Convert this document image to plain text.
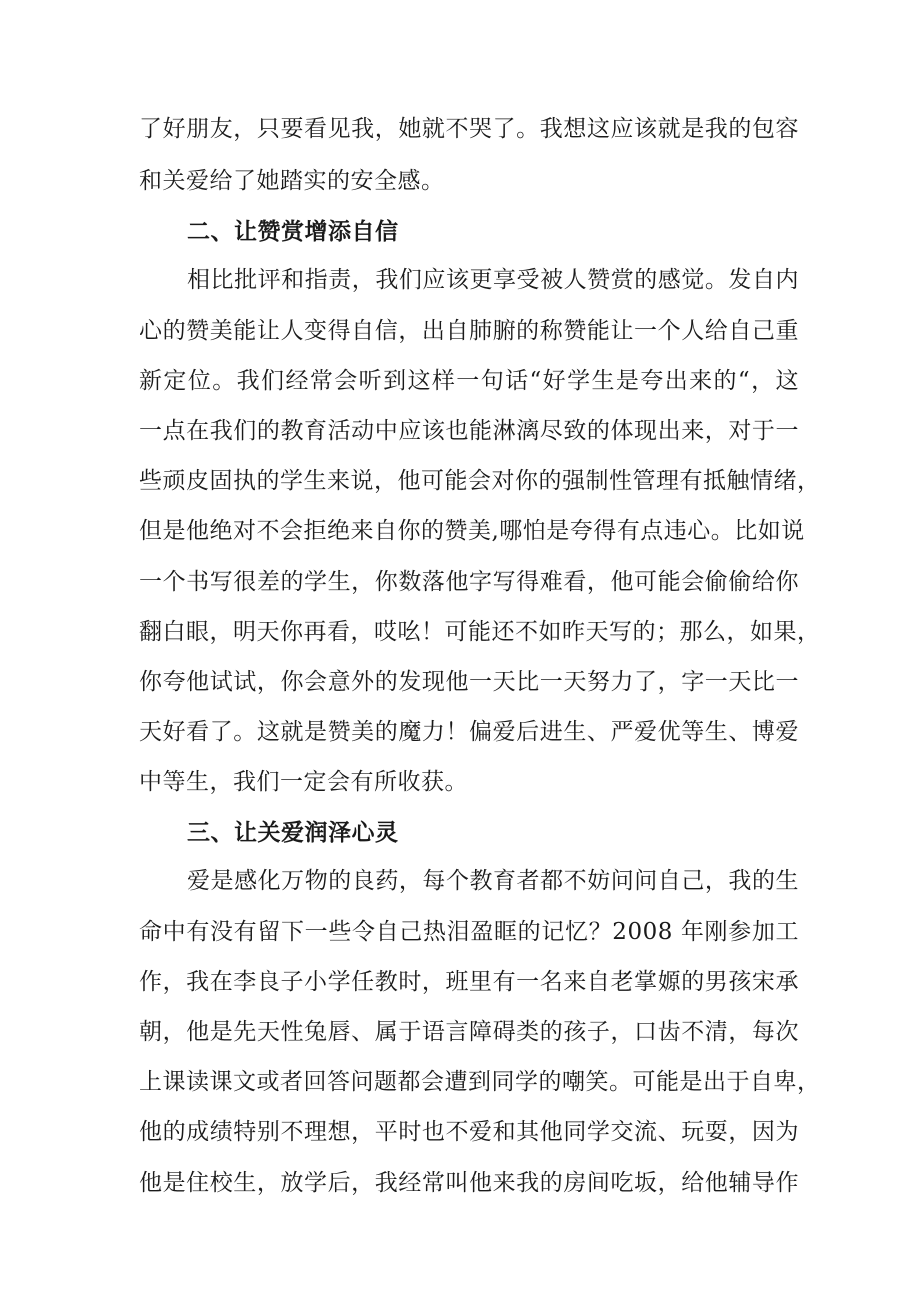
了好朋友，只要看见我，她就不哭了。我想这应该就是我的包容

和关爱给了她踏实的安全感。

二、让赞赏增添自信

相比批评和指责，我们应该更享受被人赞赏的感觉。发自内

心的赞美能让人变得自信，出自肺腑的称赞能让一个人给自己重

新定位。我们经常会听到这样一句话“好学生是夸出来的“，这

一点在我们的教育活动中应该也能淋漓尽致的体现出来，对于一

些顽皮固执的学生来说，他可能会对你的强制性管理有抵触情绪，

但是他绝对不会拒绝来自你的赞美,哪怕是夸得有点违心。比如说

一个书写很差的学生，你数落他字写得难看，他可能会偷偷给你

翻白眼，明天你再看，哎吆！可能还不如昨天写的；那么，如果，

你夸他试试，你会意外的发现他一天比一天努力了，字一天比一

天好看了。这就是赞美的魔力！偏爱后进生、严爱优等生、博爱

中等生，我们一定会有所收获。

三、让关爱润泽心灵

爱是感化万物的良药，每个教育者都不妨问问自己，我的生

命中有没有留下一些令自己热泪盈眶的记忆？2008 年刚参加工

作，我在李良子小学任教时，班里有一名来自老掌嫄的男孩宋承

朝，他是先天性兔唇、属于语言障碍类的孩子，口齿不清，每次

上课读课文或者回答问题都会遭到同学的嘲笑。可能是出于自卑，

他的成绩特别不理想，平时也不爱和其他同学交流、玩耍，因为

他是住校生，放学后，我经常叫他来我的房间吃坂，给他辅导作
